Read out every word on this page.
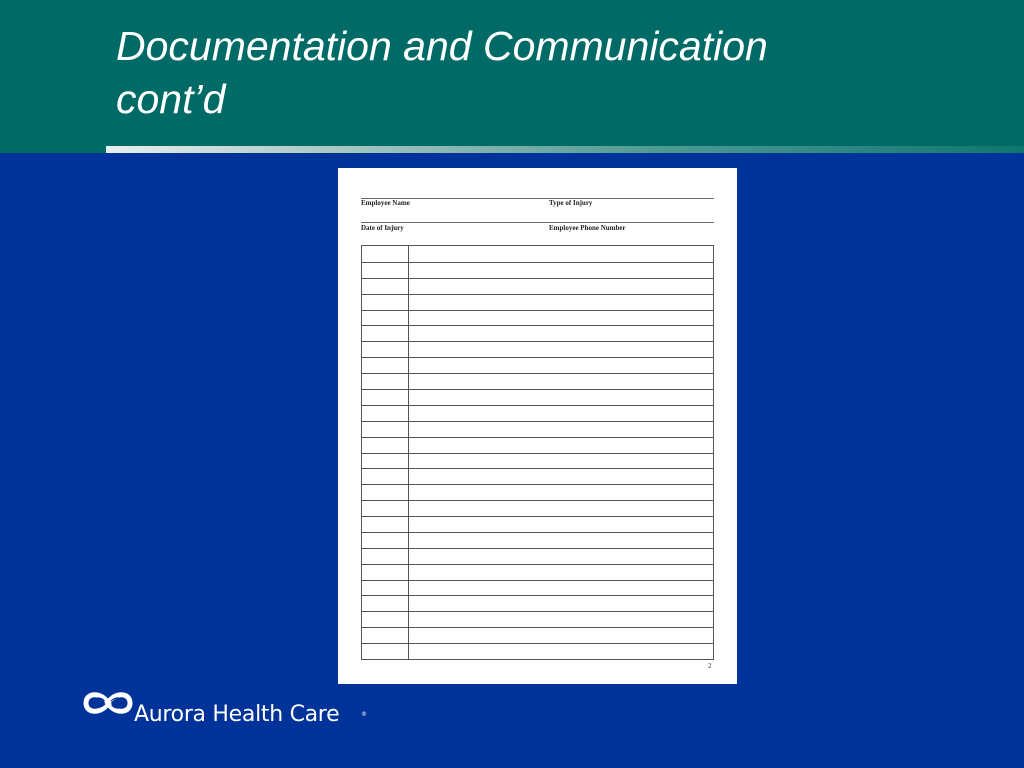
Documentation and Communication
cont’d
Employee Name	Type of Injury
Date of Injury	Employee Phone Number
2
Aurora Health Care	®
